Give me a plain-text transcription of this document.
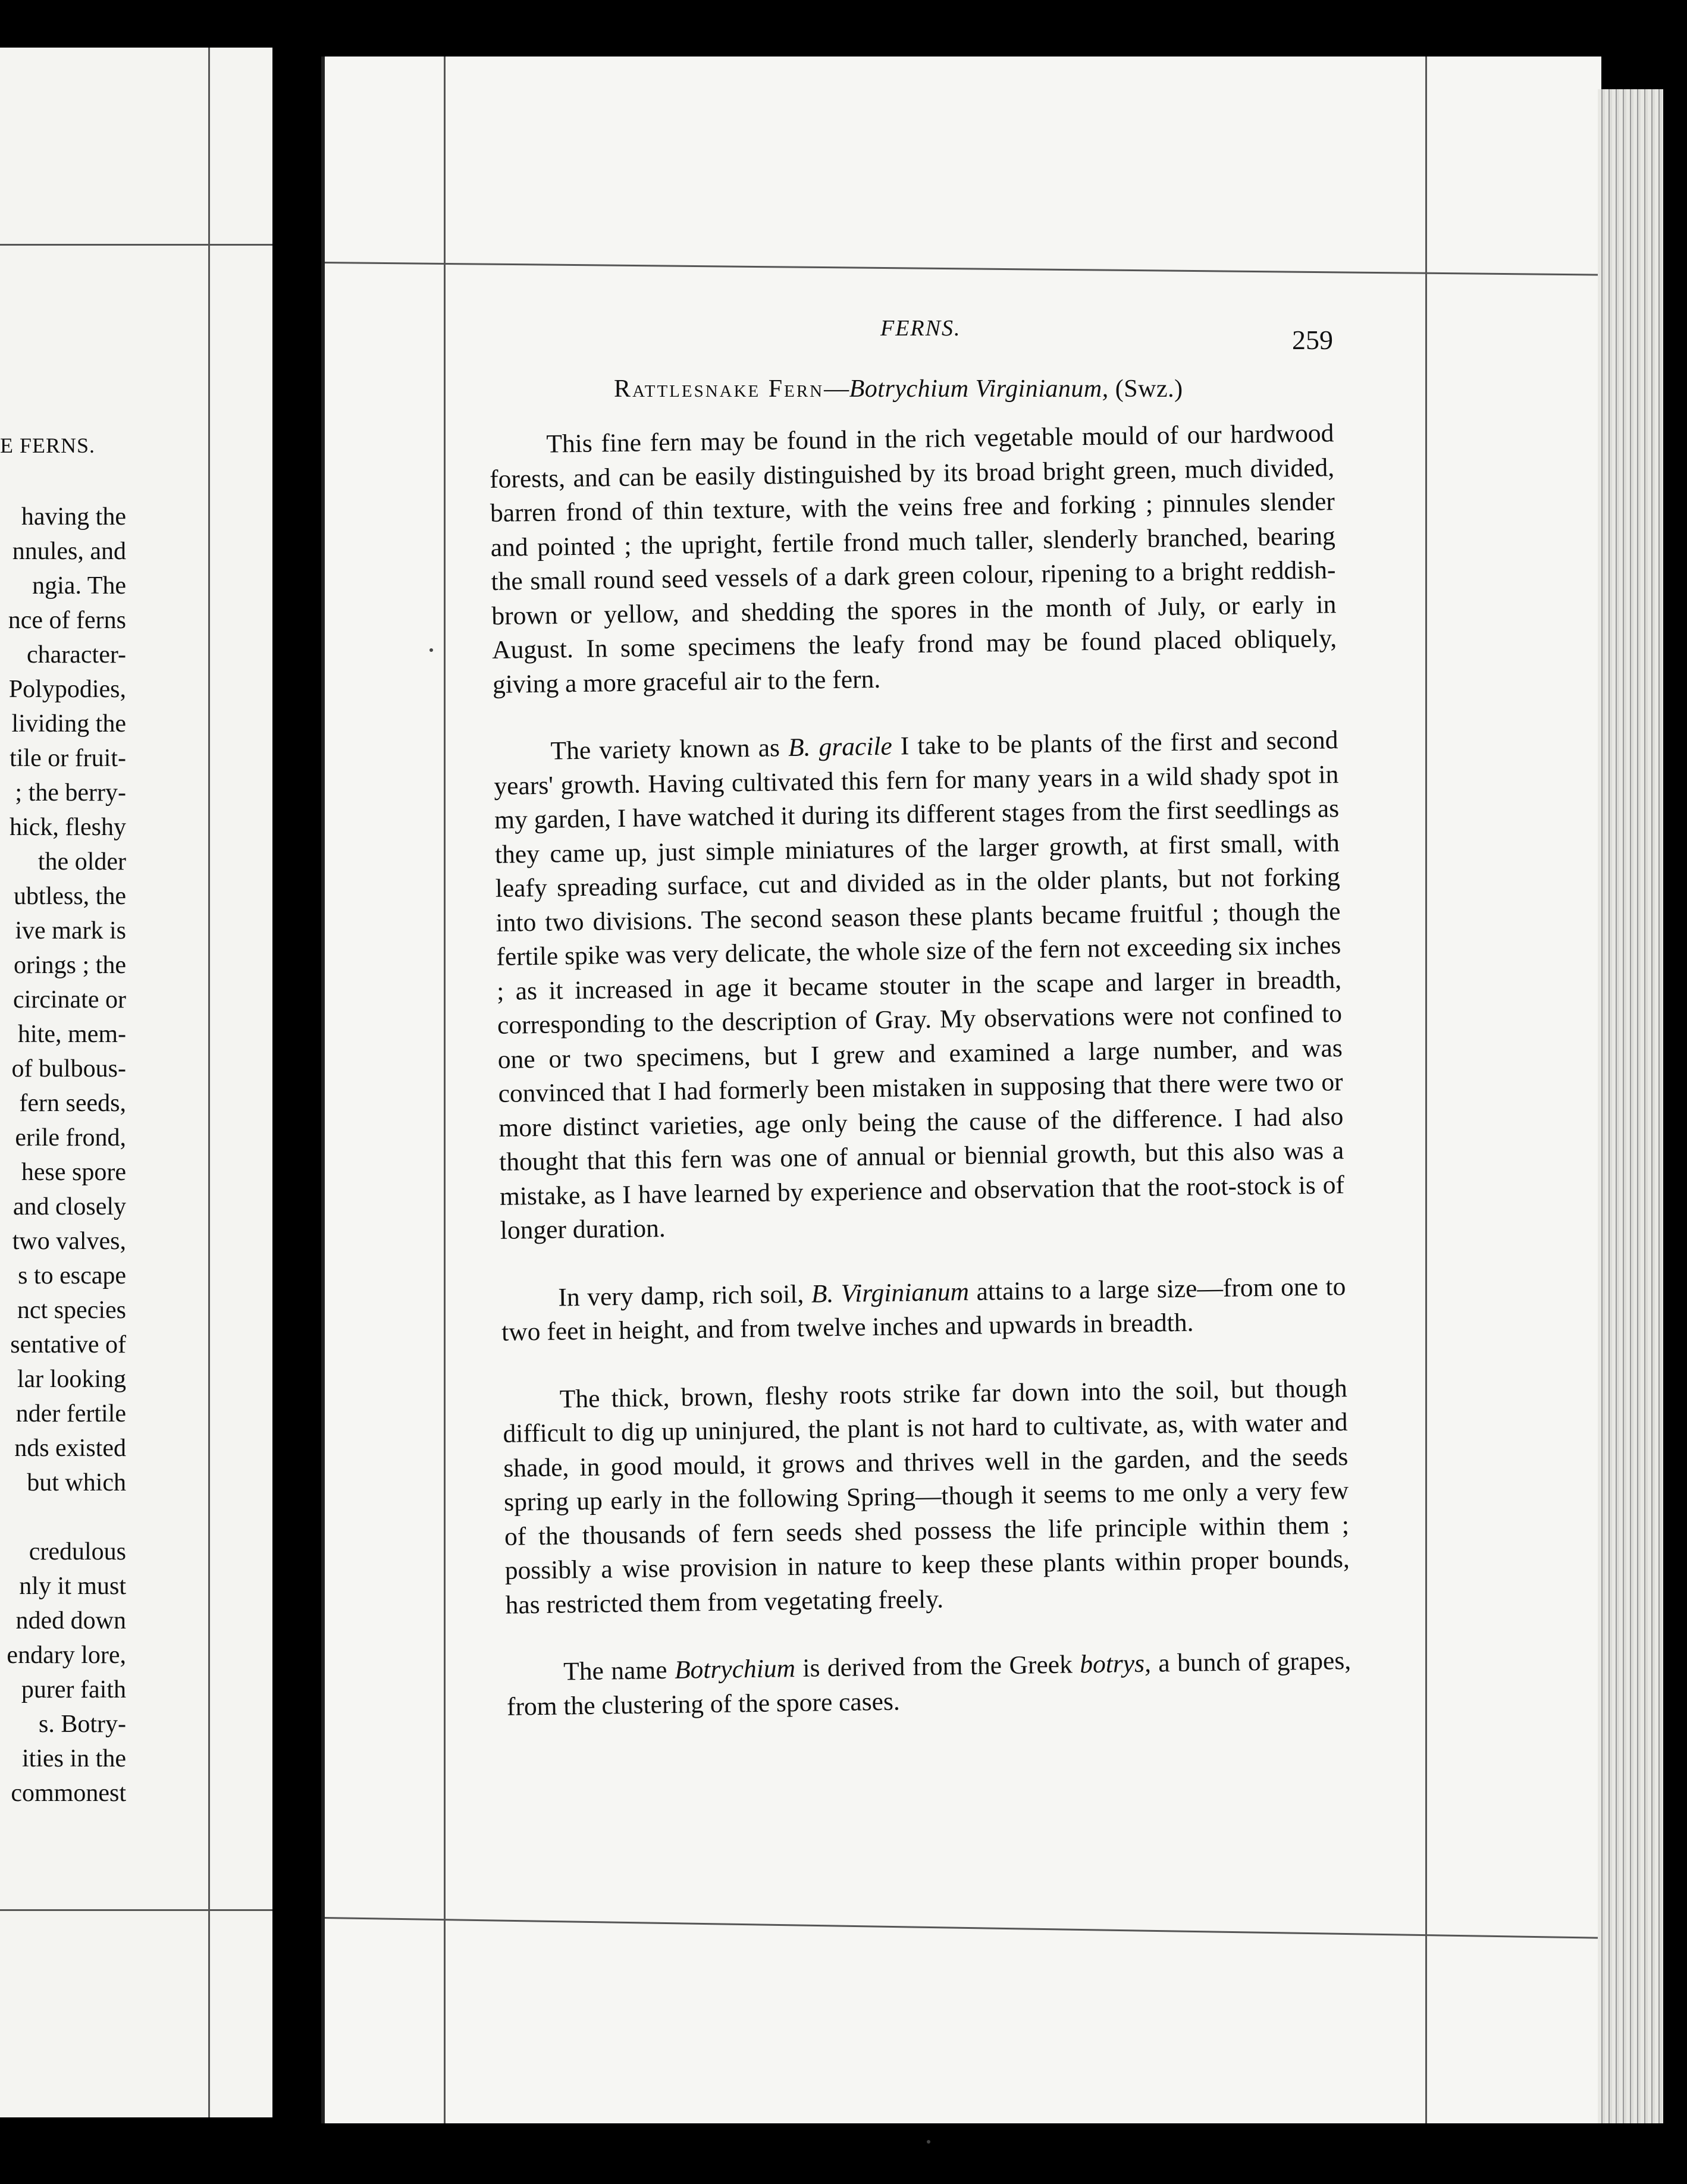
E FERNS.
having the
nnules, and
ngia. The
nce of ferns
character-
Polypodies,
lividing the
tile or fruit-
; the berry-
hick, fleshy
the older
ubtless, the
ive mark is
orings ; the
circinate or
hite, mem-
of bulbous-
fern seeds,
erile frond,
hese spore
and closely
two valves,
s to escape
nct species
sentative of
lar looking
nder fertile
nds existed
but which
credulous
nly it must
nded down
endary lore,
purer faith
s. Botry-
ities in the
commonest
FERNS.	259
Rattlesnake Fern—Botrychium Virginianum, (Swz.)

This fine fern may be found in the rich vegetable mould of our hardwood forests, and can be easily distinguished by its broad bright green, much divided, barren frond of thin texture, with the veins free and forking ; pinnules slender and pointed ; the upright, fertile frond much taller, slenderly branched, bearing the small round seed vessels of a dark green colour, ripening to a bright reddish-brown or yellow, and shedding the spores in the month of July, or early in August. In some specimens the leafy frond may be found placed obliquely, giving a more graceful air to the fern.

The variety known as B. gracile I take to be plants of the first and second years' growth. Having cultivated this fern for many years in a wild shady spot in my garden, I have watched it during its different stages from the first seedlings as they came up, just simple miniatures of the larger growth, at first small, with leafy spreading surface, cut and divided as in the older plants, but not forking into two divisions. The second season these plants became fruitful ; though the fertile spike was very delicate, the whole size of the fern not exceeding six inches ; as it increased in age it became stouter in the scape and larger in breadth, corresponding to the description of Gray. My observations were not confined to one or two specimens, but I grew and examined a large number, and was convinced that I had formerly been mistaken in supposing that there were two or more distinct varieties, age only being the cause of the difference. I had also thought that this fern was one of annual or biennial growth, but this also was a mistake, as I have learned by experience and observation that the root-stock is of longer duration.

In very damp, rich soil, B. Virginianum attains to a large size—from one to two feet in height, and from twelve inches and upwards in breadth.

The thick, brown, fleshy roots strike far down into the soil, but though difficult to dig up uninjured, the plant is not hard to cultivate, as, with water and shade, in good mould, it grows and thrives well in the garden, and the seeds spring up early in the following Spring—though it seems to me only a very few of the thousands of fern seeds shed possess the life principle within them ; possibly a wise provision in nature to keep these plants within proper bounds, has restricted them from vegetating freely.

The name Botrychium is derived from the Greek botrys, a bunch of grapes, from the clustering of the spore cases.
